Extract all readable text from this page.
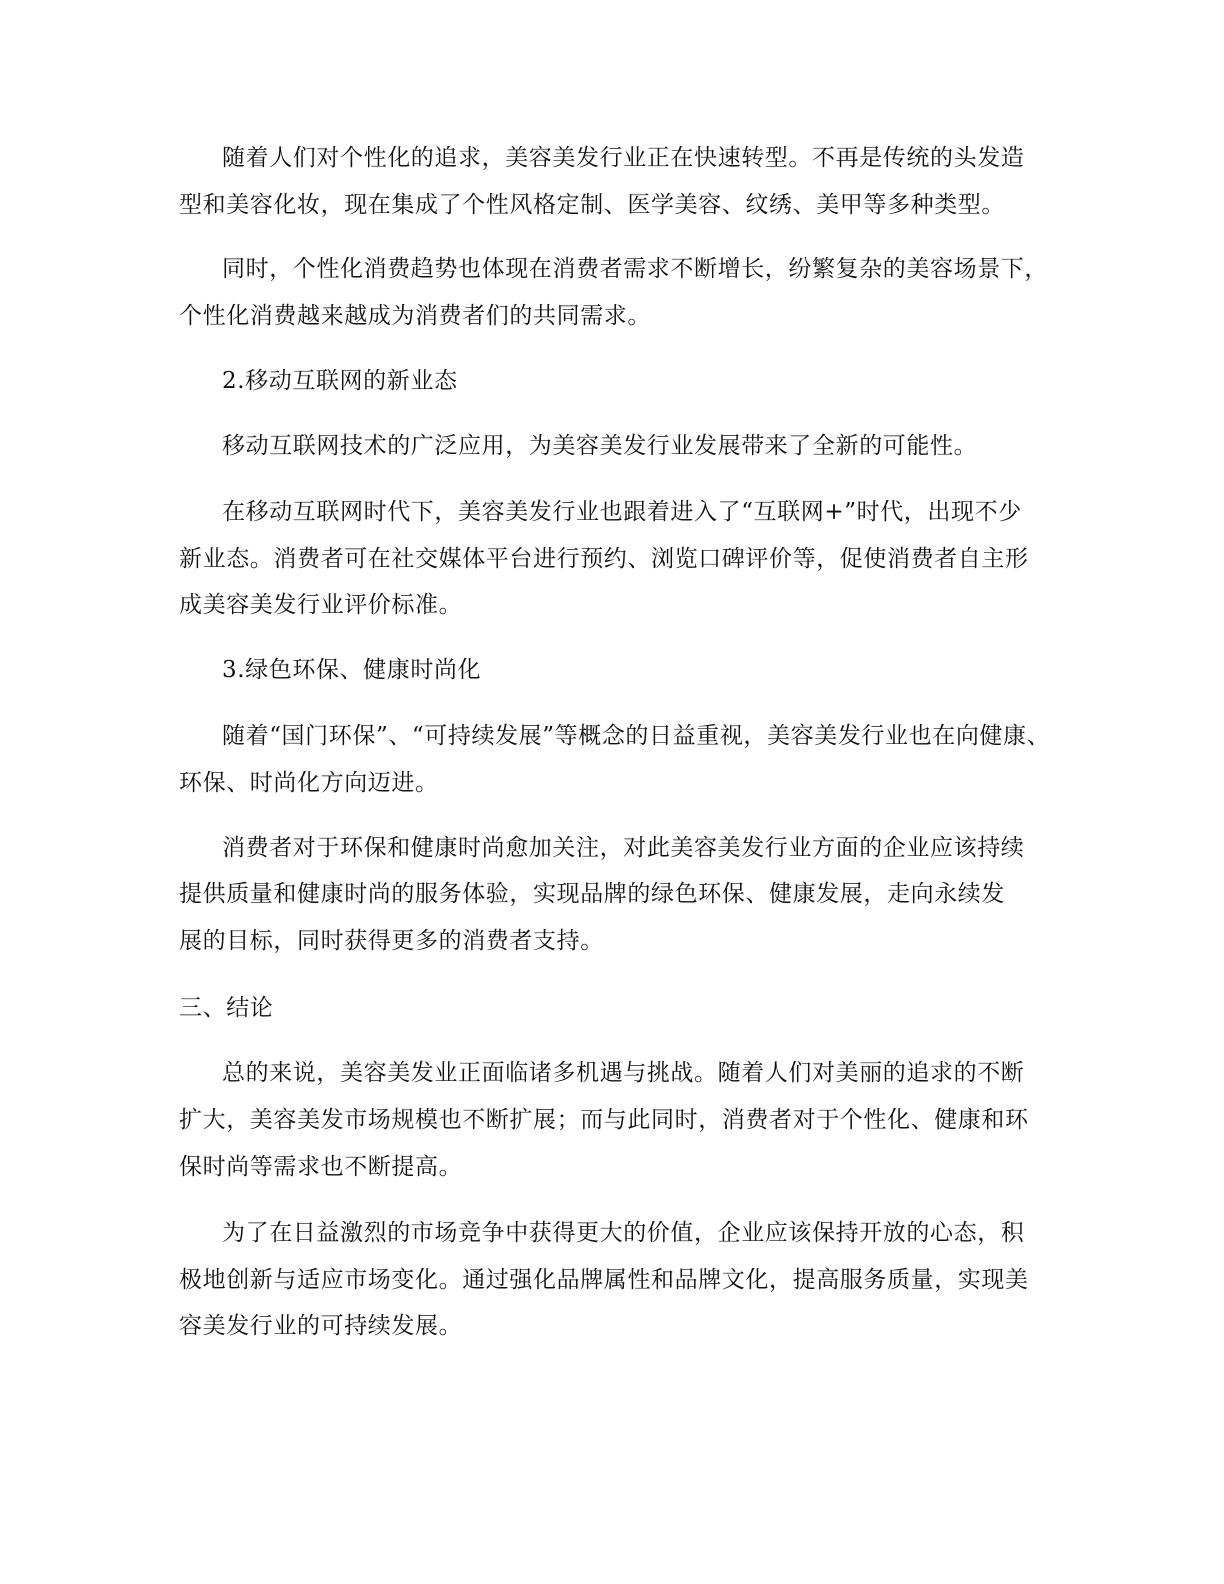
随着人们对个性化的追求，美容美发行业正在快速转型。不再是传统的头发造
型和美容化妆，现在集成了个性风格定制、医学美容、纹绣、美甲等多种类型。
同时，个性化消费趋势也体现在消费者需求不断增长，纷繁复杂的美容场景下，
个性化消费越来越成为消费者们的共同需求。
2.移动互联网的新业态
移动互联网技术的广泛应用，为美容美发行业发展带来了全新的可能性。
在移动互联网时代下，美容美发行业也跟着进入了“互联网+”时代，出现不少
新业态。消费者可在社交媒体平台进行预约、浏览口碑评价等，促使消费者自主形
成美容美发行业评价标准。
3.绿色环保、健康时尚化
随着“国门环保”、“可持续发展”等概念的日益重视，美容美发行业也在向健康、
环保、时尚化方向迈进。
消费者对于环保和健康时尚愈加关注，对此美容美发行业方面的企业应该持续
提供质量和健康时尚的服务体验，实现品牌的绿色环保、健康发展，走向永续发
展的目标，同时获得更多的消费者支持。
三、结论
总的来说，美容美发业正面临诸多机遇与挑战。随着人们对美丽的追求的不断
扩大，美容美发市场规模也不断扩展；而与此同时，消费者对于个性化、健康和环
保时尚等需求也不断提高。
为了在日益激烈的市场竞争中获得更大的价值，企业应该保持开放的心态，积
极地创新与适应市场变化。通过强化品牌属性和品牌文化，提高服务质量，实现美
容美发行业的可持续发展。
